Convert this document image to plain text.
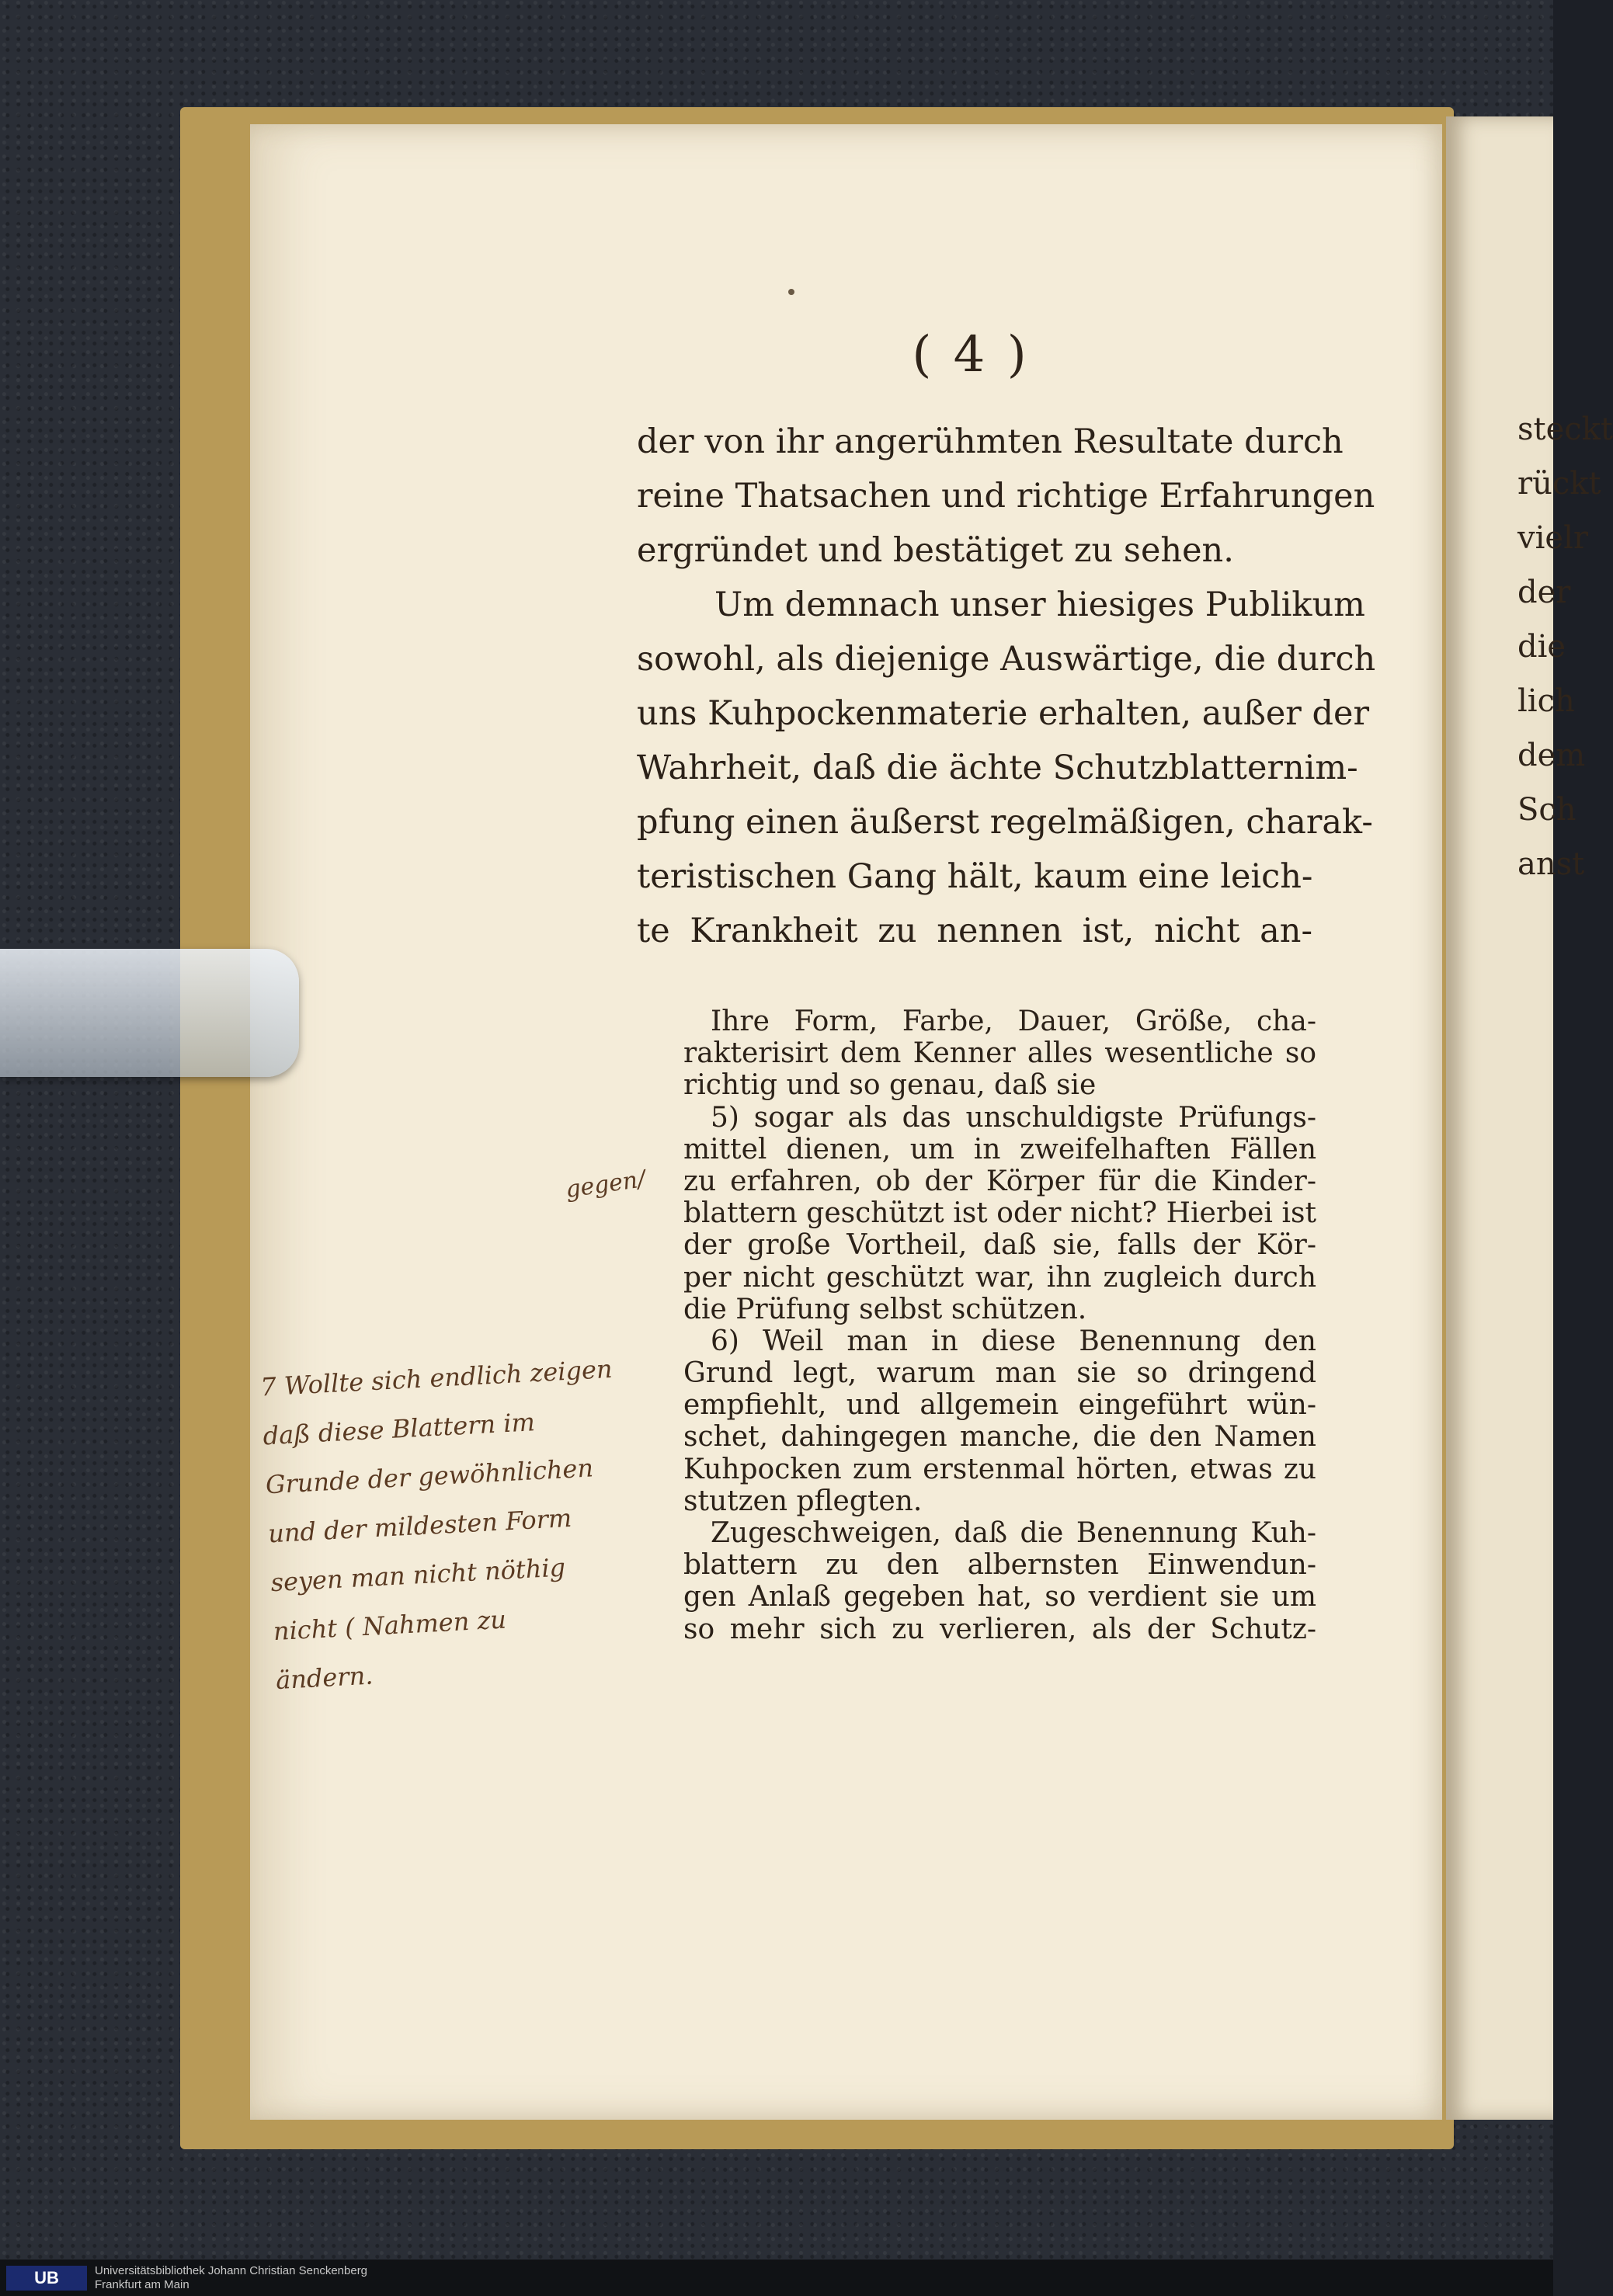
( 4 )
der von ihr angerühmten Resultate durch
reine Thatsachen und richtige Erfahrungen
ergründet und bestätiget zu sehen.
Um demnach unser hiesiges Publikum
sowohl, als diejenige Auswärtige, die durch
uns Kuhpockenmaterie erhalten, außer der
Wahrheit, daß die ächte Schutzblatternim-
pfung einen äußerst regelmäßigen, charak-
teristischen Gang hält, kaum eine leich-
te Krankheit zu nennen ist, nicht an-
Ihre Form, Farbe, Dauer, Größe, cha-
rakterisirt dem Kenner alles wesentliche so
richtig und so genau, daß sie
5) sogar als das unschuldigste Prüfungs-
mittel dienen, um in zweifelhaften Fällen
zu erfahren, ob der Körper für die Kinder-
blattern geschützt ist oder nicht? Hierbei ist
der große Vortheil, daß sie, falls der Kör-
per nicht geschützt war, ihn zugleich durch
die Prüfung selbst schützen.
6) Weil man in diese Benennung den
Grund legt, warum man sie so dringend
empfiehlt, und allgemein eingeführt wün-
schet, dahingegen manche, die den Namen
Kuhpocken zum erstenmal hörten, etwas zu
stutzen pflegten.
Zugeschweigen, daß die Benennung Kuh-
blattern zu den albernsten Einwendun-
gen Anlaß gegeben hat, so verdient sie um
so mehr sich zu verlieren, als der Schutz-
gegen/
7 Wollte sich endlich zeigen
daß diese Blattern im
Grunde der gewöhnlichen
und der mildesten Form
seyen man nicht nöthig
nicht ( Nahmen zu
ändern.
steckt
rückt
vielr
der
die
lich
dem
Sch
anst
UB	Universitätsbibliothek Johann Christian Senckenberg
Frankfurt am Main
